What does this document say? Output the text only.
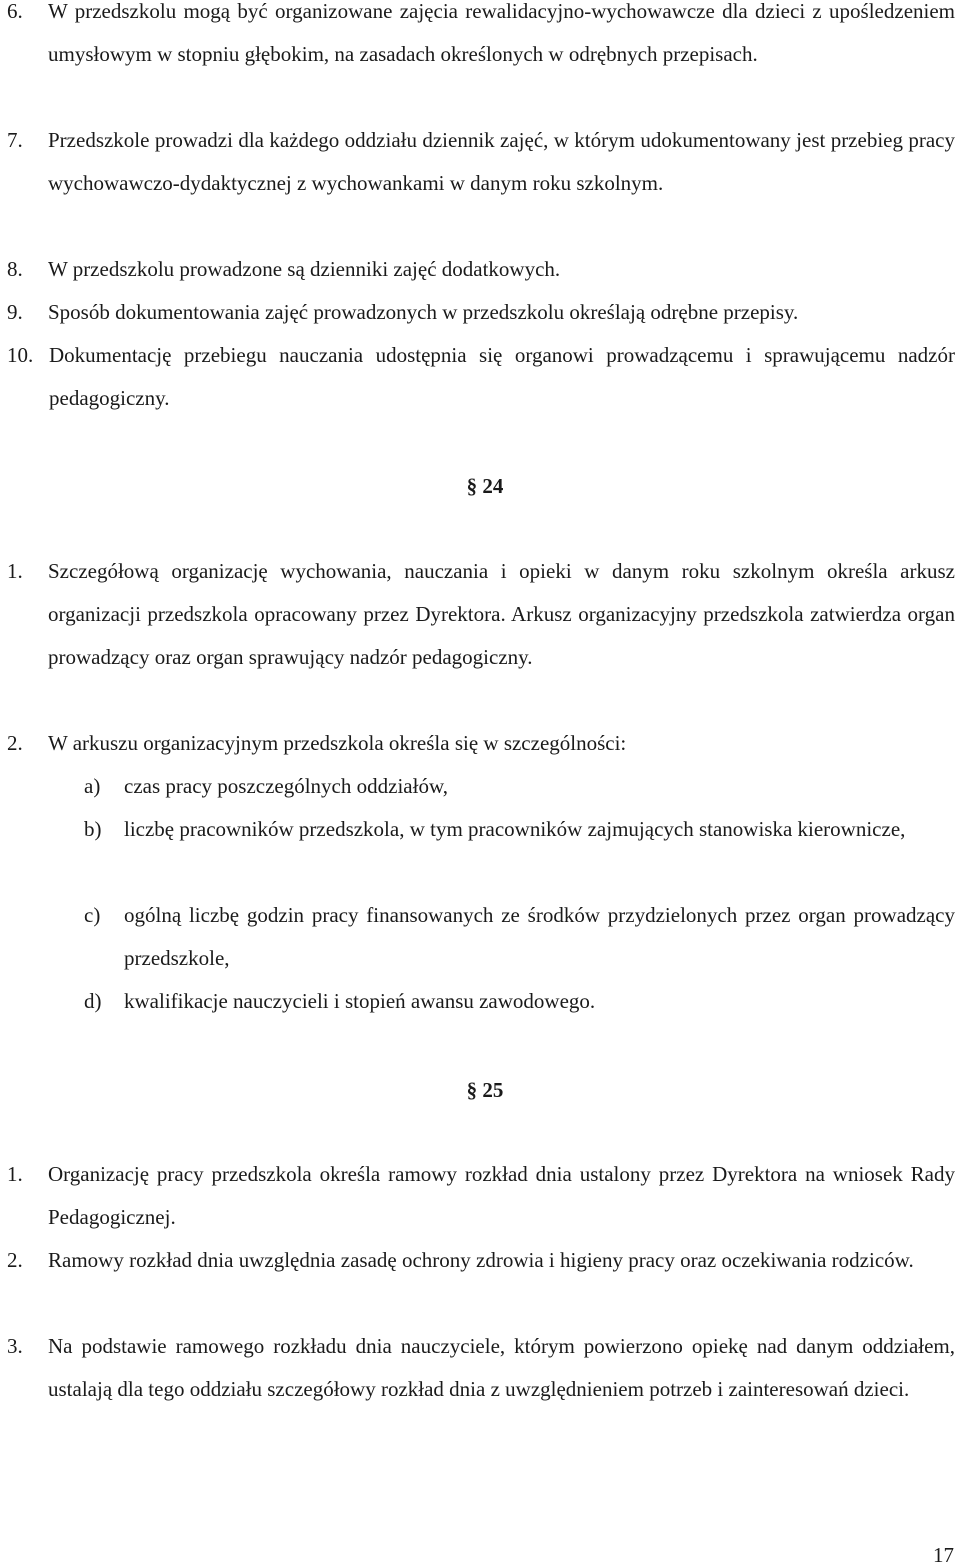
6. W przedszkolu mogą być organizowane zajęcia rewalidacyjno-wychowawcze dla dzieci z upośledzeniem umysłowym w stopniu głębokim, na zasadach określonych w odrębnych przepisach.
7. Przedszkole prowadzi dla każdego oddziału dziennik zajęć, w którym udokumentowany jest przebieg pracy wychowawczo-dydaktycznej z wychowankami w danym roku szkolnym.
8. W przedszkolu prowadzone są dzienniki zajęć dodatkowych.
9. Sposób dokumentowania zajęć prowadzonych w przedszkolu określają odrębne przepisy.
10. Dokumentację przebiegu nauczania udostępnia się organowi prowadzącemu i sprawującemu nadzór pedagogiczny.
§ 24
1. Szczegółową organizację wychowania, nauczania i opieki w danym roku szkolnym określa arkusz organizacji przedszkola opracowany przez Dyrektora. Arkusz organizacyjny przedszkola zatwierdza organ prowadzący oraz organ sprawujący nadzór pedagogiczny.
2. W arkuszu organizacyjnym przedszkola określa się w szczególności:
a) czas pracy poszczególnych oddziałów,
b) liczbę pracowników przedszkola, w tym pracowników zajmujących stanowiska kierownicze,
c) ogólną liczbę godzin pracy finansowanych ze środków przydzielonych przez organ prowadzący przedszkole,
d) kwalifikacje nauczycieli i stopień awansu zawodowego.
§ 25
1. Organizację pracy przedszkola określa ramowy rozkład dnia ustalony przez Dyrektora na wniosek Rady Pedagogicznej.
2. Ramowy rozkład dnia uwzględnia zasadę ochrony zdrowia i higieny pracy oraz oczekiwania rodziców.
3. Na podstawie ramowego rozkładu dnia nauczyciele, którym powierzono opiekę nad danym oddziałem, ustalają dla tego oddziału szczegółowy rozkład dnia z uwzględnieniem potrzeb i zainteresowań dzieci.
17
